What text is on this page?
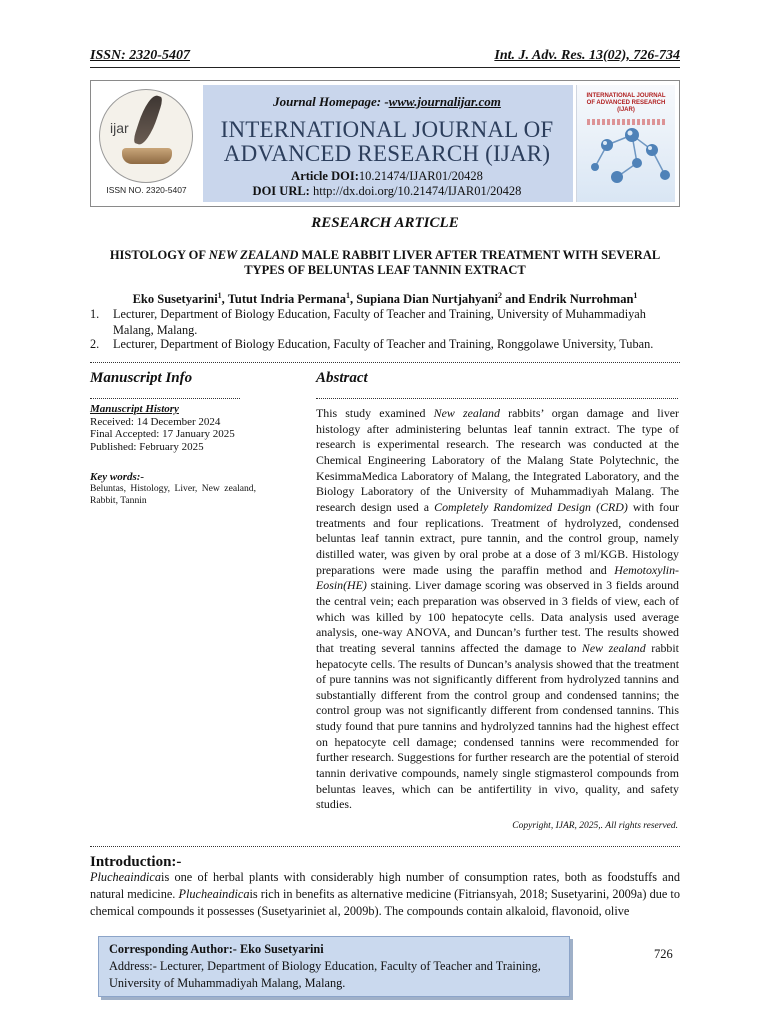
ISSN: 2320-5407	Int. J. Adv. Res. 13(02), 726-734
ijar
ISSN NO. 2320-5407
INTERNATIONAL JOURNAL OF ADVANCED RESEARCH (IJAR)
Journal Homepage: -www.journalijar.com
INTERNATIONAL JOURNAL OF
ADVANCED RESEARCH (IJAR)
Article DOI:10.21474/IJAR01/20428
DOI URL: http://dx.doi.org/10.21474/IJAR01/20428
RESEARCH ARTICLE
HISTOLOGY OF NEW ZEALAND MALE RABBIT LIVER AFTER TREATMENT WITH SEVERAL TYPES OF BELUNTAS LEAF TANNIN EXTRACT
Eko Susetyarini$^1$, Tutut Indria Permana$^1$, Supiana Dian Nurtjahyani$^2$ and Endrik Nurrohman$^1$
1. Lecturer, Department of Biology Education, Faculty of Teacher and Training, University of Muhammadiyah Malang, Malang.
2. Lecturer, Department of Biology Education, Faculty of Teacher and Training, Ronggolawe University, Tuban.
Manuscript Info
Manuscript History
Received: 14 December 2024
Final Accepted: 17 January 2025
Published: February 2025
Key words:-
Beluntas, Histology, Liver, New zealand, Rabbit, Tannin
Abstract
This study examined New zealand rabbits’ organ damage and liver histology after administering beluntas leaf tannin extract. The type of research is experimental research. The research was conducted at the Chemical Engineering Laboratory of the Malang State Polytechnic, the KesimmaMedica Laboratory of Malang, the Integrated Laboratory, and the Biology Laboratory of the University of Muhammadiyah Malang. The research design used a Completely Randomized Design (CRD) with four treatments and four replications. Treatment of hydrolyzed, condensed beluntas leaf tannin extract, pure tannin, and the control group, namely distilled water, was given by oral probe at a dose of 3 ml/KGB. Histology preparations were made using the paraffin method and Hemotoxylin-Eosin(HE) staining. Liver damage scoring was observed in 3 fields around the central vein; each preparation was observed in 3 fields of view, each of which was killed by 100 hepatocyte cells. Data analysis used average analysis, one-way ANOVA, and Duncan’s further test. The results showed that treating several tannins affected the damage to New zealand rabbit hepatocyte cells. The results of Duncan’s analysis showed that the treatment of pure tannins was not significantly different from hydrolyzed tannins and substantially different from the control group and condensed tannins; the control group was not significantly different from condensed tannins. This study found that pure tannins and hydrolyzed tannins had the highest effect on hepatocyte cell damage; condensed tannins were recommended for further research. Suggestions for further research are the potential of steroid tannin derivative compounds, namely single stigmasterol compounds from beluntas leaves, which can be antifertility in vivo, quality, and safety studies.
Copyright, IJAR, 2025,. All rights reserved.
Introduction:-
Plucheaindicais one of herbal plants with considerably high number of consumption rates, both as foodstuffs and natural medicine. Plucheaindicais rich in benefits as alternative medicine (Fitriansyah, 2018; Susetyarini, 2009a) due to chemical compounds it possesses (Susetyariniet al, 2009b). The compounds contain alkaloid, flavonoid, olive
Corresponding Author:- Eko Susetyarini
Address:- Lecturer, Department of Biology Education, Faculty of Teacher and Training, University of Muhammadiyah Malang, Malang.
726
